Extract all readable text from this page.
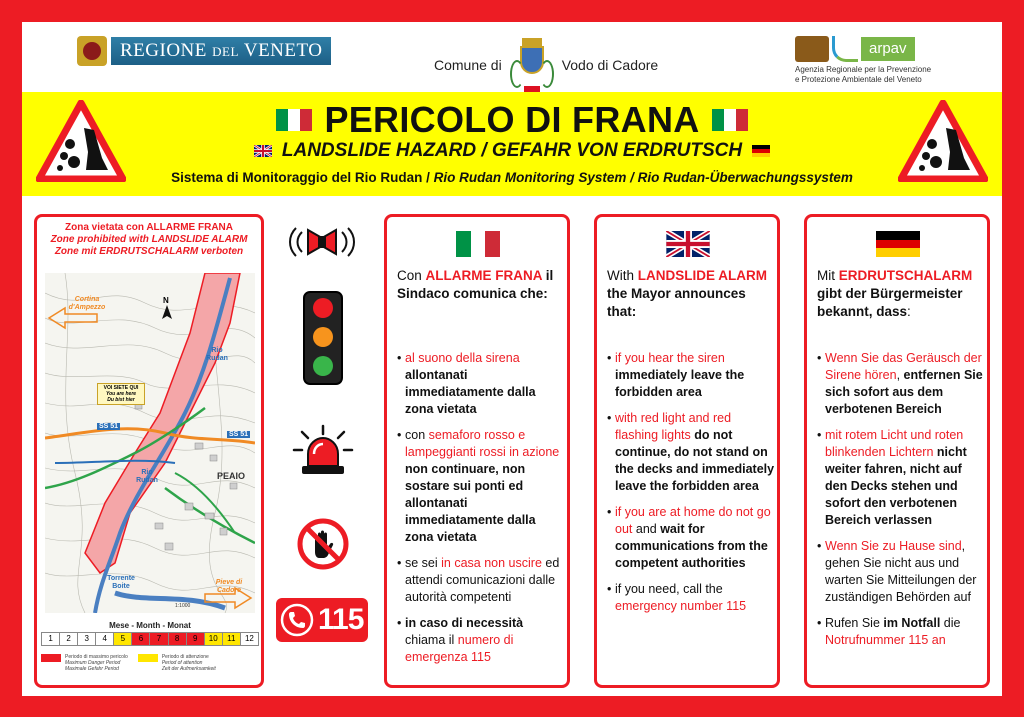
REGIONE DEL VENETO
Comune di	Vodo di Cadore
arpav
Agenzia Regionale per la Prevenzione
e Protezione Ambientale del Veneto
PERICOLO DI FRANA
LANDSLIDE HAZARD / GEFAHR VON ERDRUTSCH
Sistema di Monitoraggio del Rio Rudan / Rio Rudan Monitoring System / Rio Rudan-Überwachungssystem
Zona vietata con ALLARME FRANA
Zone prohibited with LANDSLIDE ALARM
Zone mit ERDRUTSCHALARM verboten
N
Cortina d'Ampezzo
Rio Rudan
Rio Rudan
SS 51
SS 51
PEAIO
VOI SIETE QUI
You are here
Du bist hier
Torrente Boite
Pieve di Cadore
1:1000
Mese - Month - Monat
1	2	3	4	5	6	7	8	9	10	11	12
Periodo di massimo pericolo
Maximum Danger Period
Maximale Gefahr Period
Periodo di attenzione
Period of attention
Zeit der Aufmerksamkeit
115
Con ALLARME FRANA il Sindaco comunica che:
• al suono della sirena allontanati immediatamente dalla zona vietata
• con semaforo rosso e lampeggianti rossi in azione non continuare, non sostare sui ponti ed allontanati immediatamente dalla zona vietata
• se sei in casa non uscire ed attendi comunicazioni dalle autorità competenti
• in caso di necessità chiama il numero di emergenza 115
With LANDSLIDE ALARM the Mayor announces that:
• if you hear the siren immediately leave the forbidden area
• with red light and red flashing lights do not continue, do not stand on the decks and immediately leave the forbidden area
• if you are at home do not go out and wait for communications from the competent authorities
• if you need, call the emergency number 115
Mit ERDRUTSCHALARM gibt der Bürgermeister bekannt, dass:
• Wenn Sie das Geräusch der Sirene hören, entfernen Sie sich sofort aus dem verbotenen Bereich
• mit rotem Licht und roten blinkenden Lichtern nicht weiter fahren, nicht auf den Decks stehen und sofort den verbotenen Bereich verlassen
• Wenn Sie zu Hause sind, gehen Sie nicht aus und warten Sie Mitteilungen der zuständigen Behörden auf
• Rufen Sie im Notfall die Notrufnummer 115 an
